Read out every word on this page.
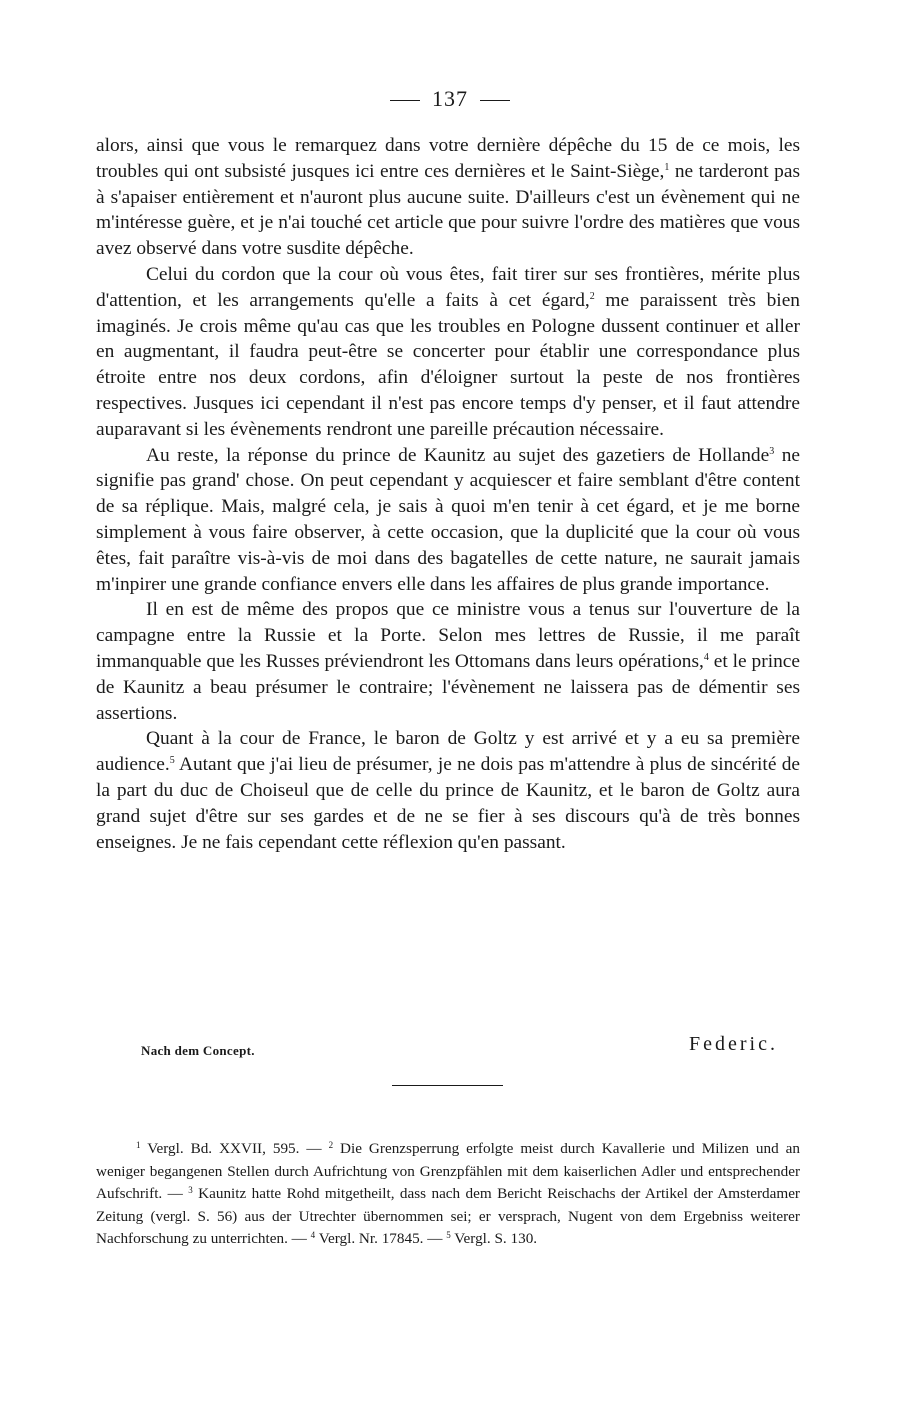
137

alors, ainsi que vous le remarquez dans votre dernière dépêche du 15 de ce mois, les troubles qui ont subsisté jusques ici entre ces dernières et le Saint-Siège,$^1$ ne tarderont pas à s'apaiser entièrement et n'auront plus aucune suite. D'ailleurs c'est un évènement qui ne m'intéresse guère, et je n'ai touché cet article que pour suivre l'ordre des matières que vous avez observé dans votre susdite dépêche.

Celui du cordon que la cour où vous êtes, fait tirer sur ses frontières, mérite plus d'attention, et les arrangements qu'elle a faits à cet égard,$^2$ me paraissent très bien imaginés. Je crois même qu'au cas que les troubles en Pologne dussent continuer et aller en augmentant, il faudra peut-être se concerter pour établir une correspondance plus étroite entre nos deux cordons, afin d'éloigner surtout la peste de nos frontières respectives. Jusques ici cependant il n'est pas encore temps d'y penser, et il faut attendre auparavant si les évènements rendront une pareille précaution nécessaire.

Au reste, la réponse du prince de Kaunitz au sujet des gazetiers de Hollande$^3$ ne signifie pas grand' chose. On peut cependant y acquiescer et faire semblant d'être content de sa réplique. Mais, malgré cela, je sais à quoi m'en tenir à cet égard, et je me borne simplement à vous faire observer, à cette occasion, que la duplicité que la cour où vous êtes, fait paraître vis-à-vis de moi dans des bagatelles de cette nature, ne saurait jamais m'inpirer une grande confiance envers elle dans les affaires de plus grande importance.

Il en est de même des propos que ce ministre vous a tenus sur l'ouverture de la campagne entre la Russie et la Porte. Selon mes lettres de Russie, il me paraît immanquable que les Russes préviendront les Ottomans dans leurs opérations,$^4$ et le prince de Kaunitz a beau présumer le contraire; l'évènement ne laissera pas de démentir ses assertions.

Quant à la cour de France, le baron de Goltz y est arrivé et y a eu sa première audience.$^5$ Autant que j'ai lieu de présumer, je ne dois pas m'attendre à plus de sincérité de la part du duc de Choiseul que de celle du prince de Kaunitz, et le baron de Goltz aura grand sujet d'être sur ses gardes et de ne se fier à ses discours qu'à de très bonnes enseignes. Je ne fais cependant cette réflexion qu'en passant.

Nach dem Concept.	Federic.

$^1$ Vergl. Bd. XXVII, 595. — $^2$ Die Grenzsperrung erfolgte meist durch Kavallerie und Milizen und an weniger begangenen Stellen durch Aufrichtung von Grenzpfählen mit dem kaiserlichen Adler und entsprechender Aufschrift. — $^3$ Kaunitz hatte Rohd mitgetheilt, dass nach dem Bericht Reischachs der Artikel der Amsterdamer Zeitung (vergl. S. 56) aus der Utrechter übernommen sei; er versprach, Nugent von dem Ergebniss weiterer Nachforschung zu unterrichten. — $^4$ Vergl. Nr. 17845. — $^5$ Vergl. S. 130.
